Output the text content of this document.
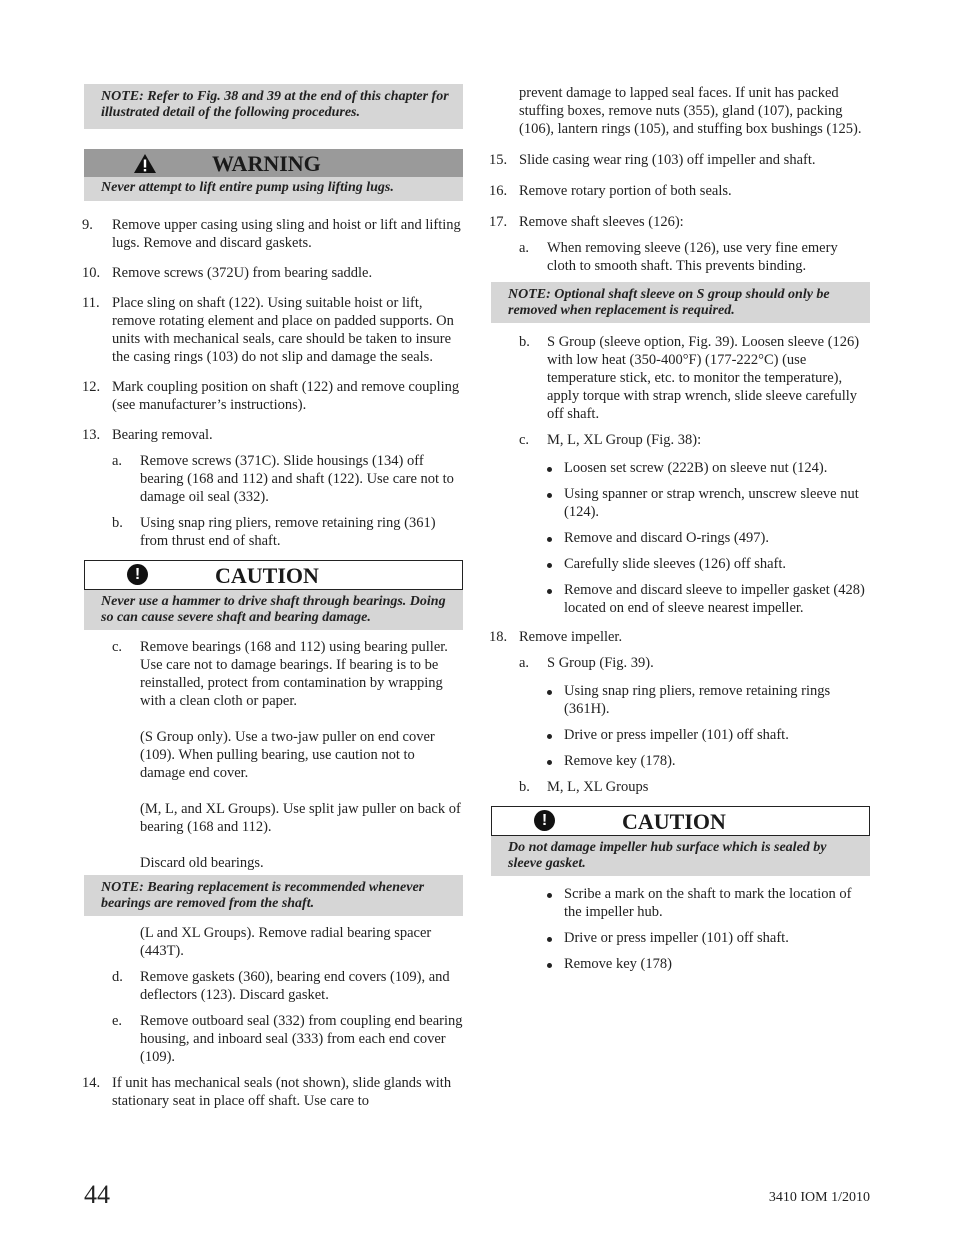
NOTE: Refer to Fig. 38 and 39 at the end of this chapter for illustrated detail of the following procedures.
WARNING
Never attempt to lift entire pump using lifting lugs.
9. Remove upper casing using sling and hoist or lift and lifting lugs. Remove and discard gaskets.
10. Remove screws (372U) from bearing saddle.
11. Place sling on shaft (122). Using suitable hoist or lift, remove rotating element and place on padded supports. On units with mechanical seals, care should be taken to insure the casing rings (103) do not slip and damage the seals.
12. Mark coupling position on shaft (122) and remove coupling (see manufacturer’s instructions).
13. Bearing removal.
a. Remove screws (371C). Slide housings (134) off bearing (168 and 112) and shaft (122). Use care not to damage oil seal (332).
b. Using snap ring pliers, remove retaining ring (361) from thrust end of shaft.
!	CAUTION
Never use a hammer to drive shaft through bearings. Doing so can cause severe shaft and bearing damage.
c. Remove bearings (168 and 112) using bearing puller. Use care not to damage bearings. If bearing is to be reinstalled, protect from contamination by wrapping with a clean cloth or paper.
(S Group only). Use a two-jaw puller on end cover (109). When pulling bearing, use caution not to damage end cover.
(M, L, and XL Groups). Use split jaw puller on back of bearing (168 and 112).
Discard old bearings.
NOTE: Bearing replacement is recommended whenever bearings are removed from the shaft.
(L and XL Groups). Remove radial bearing spacer (443T).
d. Remove gaskets (360), bearing end covers (109), and deflectors (123). Discard gasket.
e. Remove outboard seal (332) from coupling end bearing housing, and inboard seal (333) from each end cover (109).
14. If unit has mechanical seals (not shown), slide glands with stationary seat in place off shaft. Use care to
prevent damage to lapped seal faces. If unit has packed stuffing boxes, remove nuts (355), gland (107), packing (106), lantern rings (105), and stuffing box bushings (125).
15. Slide casing wear ring (103) off impeller and shaft.
16. Remove rotary portion of both seals.
17. Remove shaft sleeves (126):
a. When removing sleeve (126), use very fine emery cloth to smooth shaft. This prevents binding.
NOTE: Optional shaft sleeve on S group should only be removed when replacement is required.
b. S Group (sleeve option, Fig. 39). Loosen sleeve (126) with low heat (350-400°F) (177-222°C) (use temperature stick, etc. to monitor the temperature), apply torque with strap wrench, slide sleeve carefully off shaft.
c. M, L, XL Group (Fig. 38):
Loosen set screw (222B) on sleeve nut (124).
Using spanner or strap wrench, unscrew sleeve nut (124).
Remove and discard O-rings (497).
Carefully slide sleeves (126) off shaft.
Remove and discard sleeve to impeller gasket (428) located on end of sleeve nearest impeller.
18. Remove impeller.
a. S Group (Fig. 39).
Using snap ring pliers, remove retaining rings (361H).
Drive or press impeller (101) off shaft.
Remove key (178).
b. M, L, XL Groups
!	CAUTION
Do not damage impeller hub surface which is sealed by sleeve gasket.
Scribe a mark on the shaft to mark the location of the impeller hub.
Drive or press impeller (101) off shaft.
Remove key (178)
44	3410 IOM 1/2010
